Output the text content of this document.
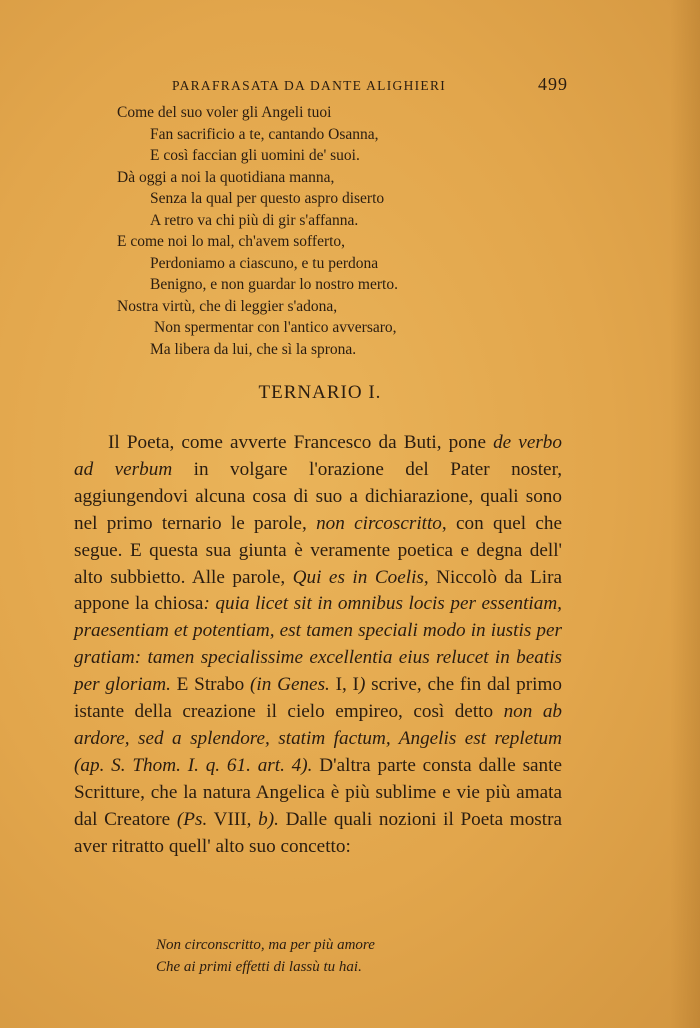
PARAFRASATA DA DANTE ALIGHIERI	499
Come del suo voler gli Angeli tuoi
Fan sacrificio a te, cantando Osanna,
E così faccian gli uomini de' suoi.
Dà oggi a noi la quotidiana manna,
Senza la qual per questo aspro diserto
A retro va chi più di gir s'affanna.
E come noi lo mal, ch'avem sofferto,
Perdoniamo a ciascuno, e tu perdona
Benigno, e non guardar lo nostro merto.
Nostra virtù, che di leggier s'adona,
Non spermentar con l'antico avversaro,
Ma libera da lui, che sì la sprona.
TERNARIO I.

Il Poeta, come avverte Francesco da Buti, pone de verbo ad verbum in volgare l'orazione del Pater noster, aggiungendovi alcuna cosa di suo a dichiarazione, quali sono nel primo ternario le parole, non circoscritto, con quel che segue. E questa sua giunta è veramente poetica e degna dell' alto subbietto. Alle parole, Qui es in Coelis, Niccolò da Lira appone la chiosa: quia licet sit in omnibus locis per essentiam, praesentiam et potentiam, est tamen speciali modo in iustis per gratiam: tamen specialissime excellentia eius relucet in beatis per gloriam. E Strabo (in Genes. I, I) scrive, che fin dal primo istante della creazione il cielo empireo, così detto non ab ardore, sed a splendore, statim factum, Angelis est repletum (ap. S. Thom. I. q. 61. art. 4). D'altra parte consta dalle sante Scritture, che la natura Angelica è più sublime e vie più amata dal Creatore (Ps. VIII, b). Dalle quali nozioni il Poeta mostra aver ritratto quell' alto suo concetto:

Non circonscritto, ma per più amore
Che ai primi effetti di lassù tu hai.
